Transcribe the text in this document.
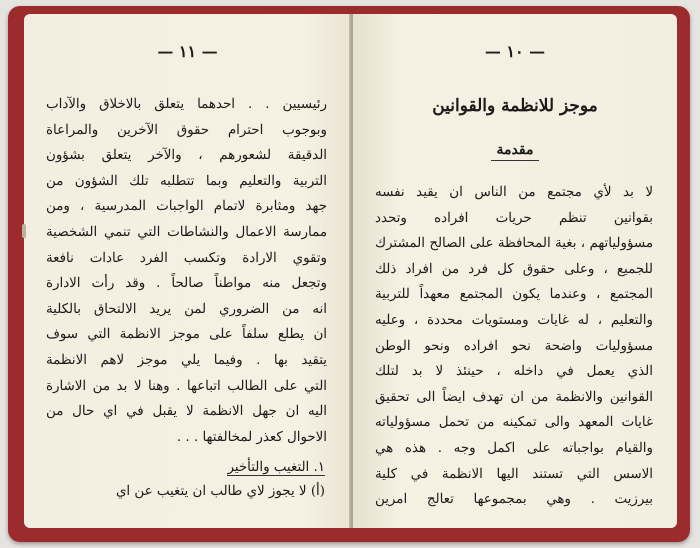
— ١١ —
رئيسيين . . احدهما يتعلق بالاخلاق والآداب
وبوجوب احترام حقوق الآخرين والمراعاة
الدقيقة لشعورهم ، والآخر يتعلق بشؤون
التربية والتعليم وبما تتطلبه تلك الشؤون من
جهد ومثابرة لاتمام الواجبات المدرسية ، ومن
ممارسة الاعمال والنشاطات التي تنمي الشخصية
وتقوي الارادة وتكسب الفرد عادات نافعة
وتجعل منه مواطناً صالحاً . وقد رأت الادارة
انه من الضروري لمن يريد الالتحاق بالكلية
ان يطلع سلفاً على موجز الانظمة التي سوف
يتقيد بها . وفيما يلي موجز لاهم الانظمة
التي على الطالب اتباعها . وهنا لا بد من الاشارة
اليه ان جهل الانظمة لا يقبل في اي حال من
الاحوال كعذر لمخالفتها . . .
١. التغيب والتأخير
(أ) لا يجوز لاي طالب ان يتغيب عن اي
— ١٠ —
موجز للانظمة والقوانين
مقدمة
لا بد لأي مجتمع من الناس ان يقيد نفسه
بقوانين تنظم حريات افراده وتحدد
مسؤولياتهم ، بغية المحافظة على الصالح المشترك
للجميع ، وعلى حقوق كل فرد من افراد ذلك
المجتمع ، وعندما يكون المجتمع معهداً للتربية
والتعليم ، له غايات ومستويات محددة ، وعليه
مسؤوليات واضحة نحو افراده ونحو الوطن
الذي يعمل في داخله ، حينئذ لا بد لتلك
القوانين والانظمة من ان تهدف ايضاً الى تحقيق
غايات المعهد والى تمكينه من تحمل مسؤولياته
والقيام بواجباته على اكمل وجه . هذه هي
الاسس التي تستند اليها الانظمة في كلية
بيرزيت . وهي بمجموعها تعالج امرين
